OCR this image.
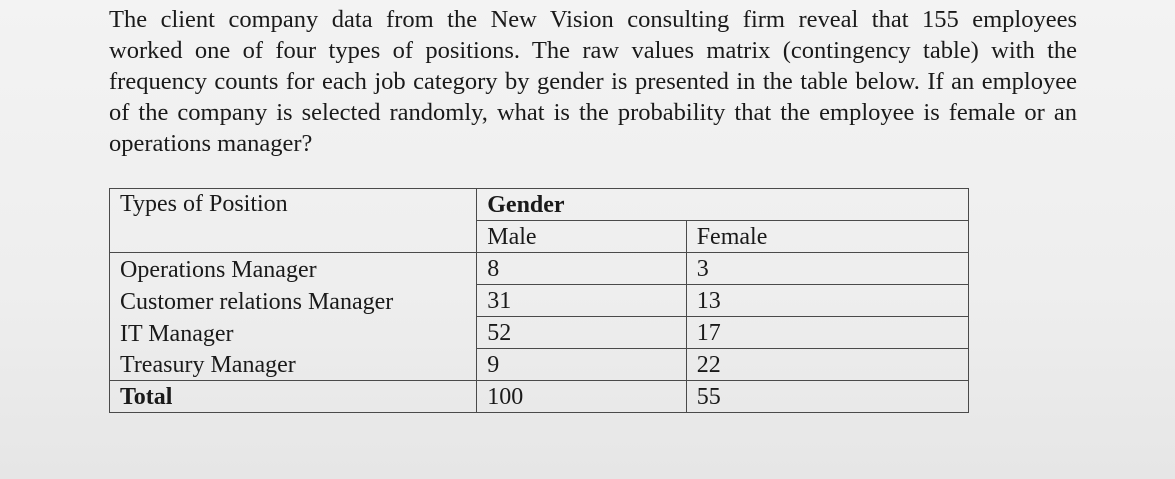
The client company data from the New Vision consulting firm reveal that 155 employees
worked one of four types of positions. The raw values matrix (contingency table) with the
frequency counts for each job category by gender is presented in the table below. If an employee
of the company is selected randomly, what is the probability that the employee is female or an
operations manager?
Types of Position	Gender	
	Male	Female
Operations Manager	8	3
Customer relations Manager	31	13
IT Manager	52	17
Treasury Manager	9	22
Total	100	55
